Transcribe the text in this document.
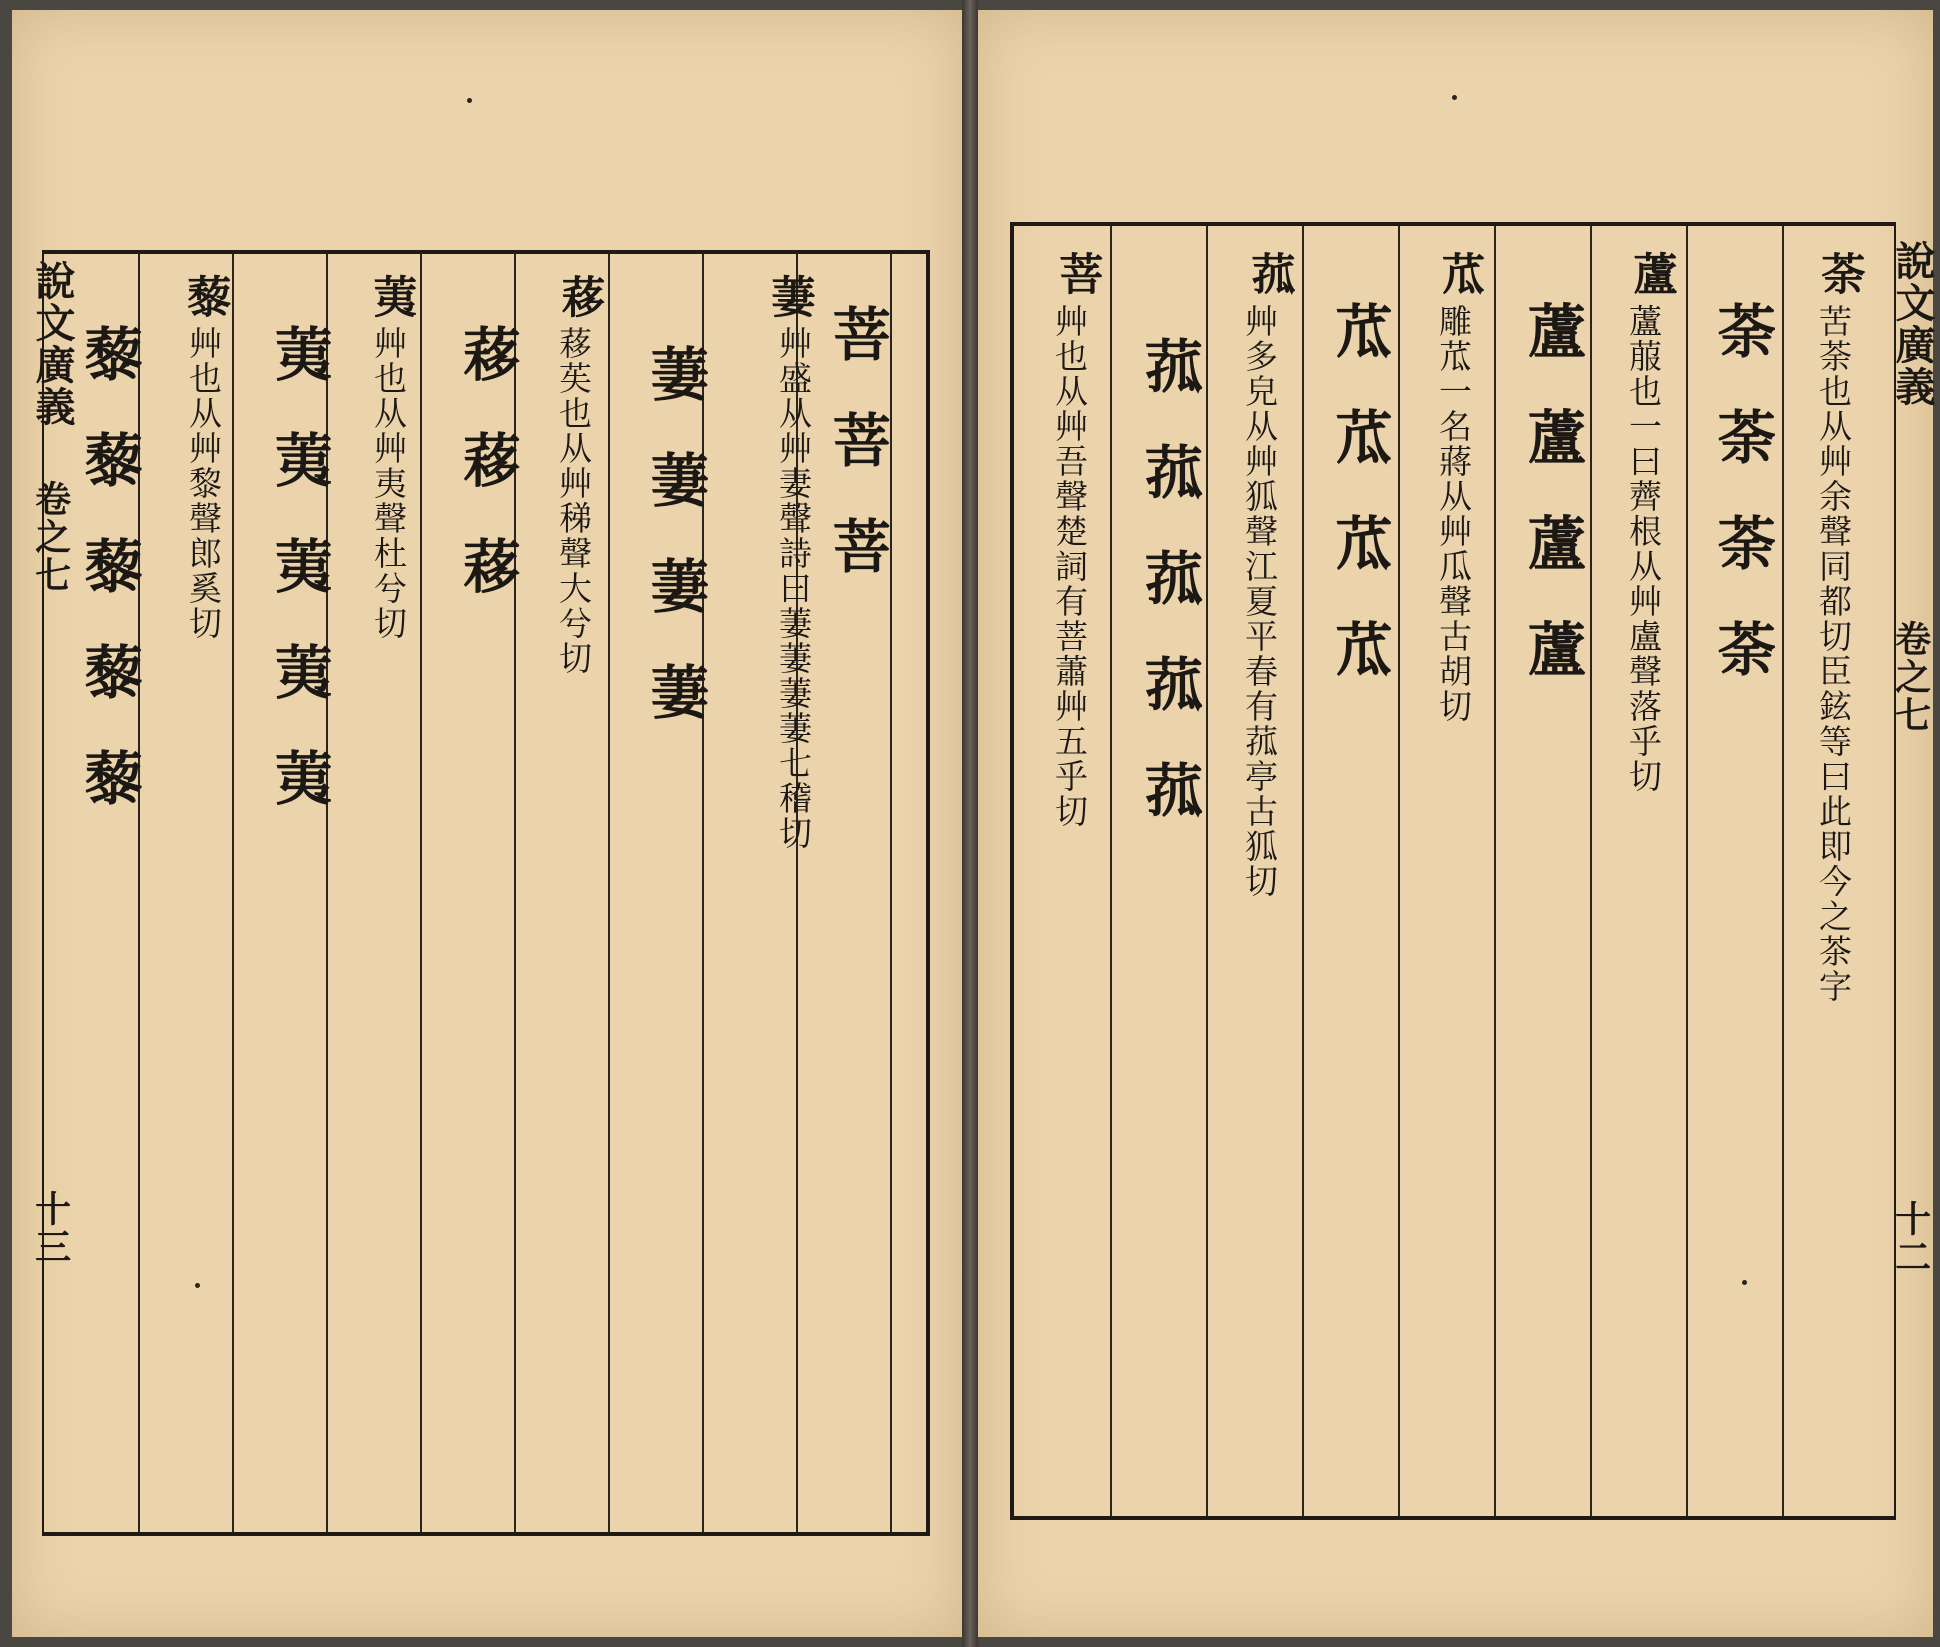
說文廣義
卷之七
十三
菩菩菩
萋
艸盛从艸妻聲詩曰萋萋萋萋七稽切
萋萋萋萋
䔟
䔟苵也从艸稊聲大兮切
䔟䔟䔟
荑
艸也从艸夷聲杜兮切
荑荑荑荑荑
藜
艸也从艸黎聲郎奚切
藜藜藜藜藜
荼
苦荼也从艸余聲同都切臣鉉等曰此即今之茶字
荼荼荼荼
蘆
蘆菔也一曰薺根从艸盧聲落乎切
蘆蘆蘆蘆
苽
雕苽一名蔣从艸瓜聲古胡切
苽苽苽苽
菰
艸多皃从艸狐聲江夏平春有菰亭古狐切
菰菰菰菰菰
菩
艸也从艸吾聲楚詞有菩蕭艸五乎切	說文廣義
卷之七
十二
